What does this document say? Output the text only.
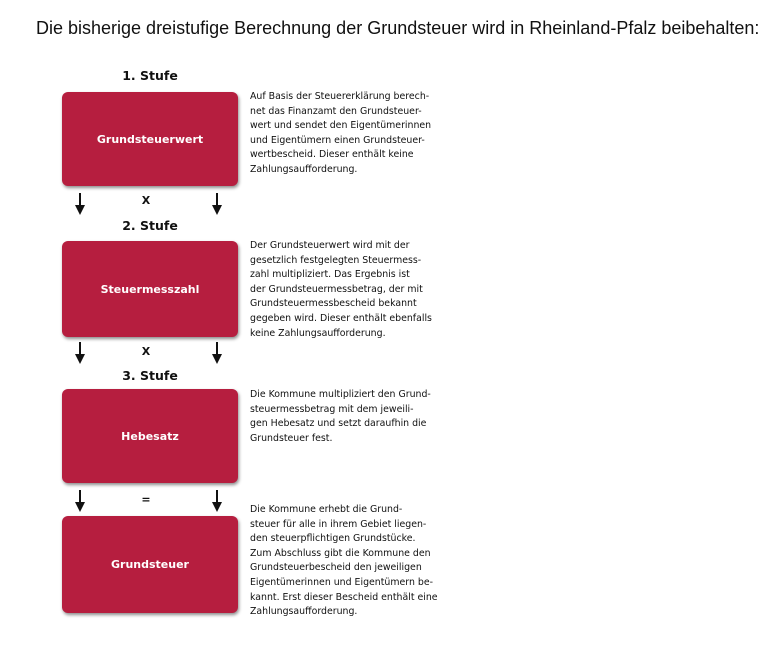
Die bisherige dreistufige Berechnung der Grundsteuer wird in Rheinland-Pfalz beibehalten:
1. Stufe
Grundsteuerwert
Auf Basis der Steuererklärung berech-
net das Finanzamt den Grundsteuer-
wert und sendet den Eigentümerinnen
und Eigentümern einen Grundsteuer-
wertbescheid. Dieser enthält keine
Zahlungsaufforderung.
X
2. Stufe
Steuermesszahl
Der Grundsteuerwert wird mit der
gesetzlich festgelegten Steuermess-
zahl multipliziert. Das Ergebnis ist
der Grundsteuermessbetrag, der mit
Grundsteuermessbescheid bekannt
gegeben wird. Dieser enthält ebenfalls
keine Zahlungsaufforderung.
X
3. Stufe
Hebesatz
Die Kommune multipliziert den Grund-
steuermessbetrag mit dem jeweili-
gen Hebesatz und setzt daraufhin die
Grundsteuer fest.
=
Grundsteuer
Die Kommune erhebt die Grund-
steuer für alle in ihrem Gebiet liegen-
den steuerpflichtigen Grundstücke.
Zum Abschluss gibt die Kommune den
Grundsteuerbescheid den jeweiligen
Eigentümerinnen und Eigentümern be-
kannt. Erst dieser Bescheid enthält eine
Zahlungsaufforderung.
